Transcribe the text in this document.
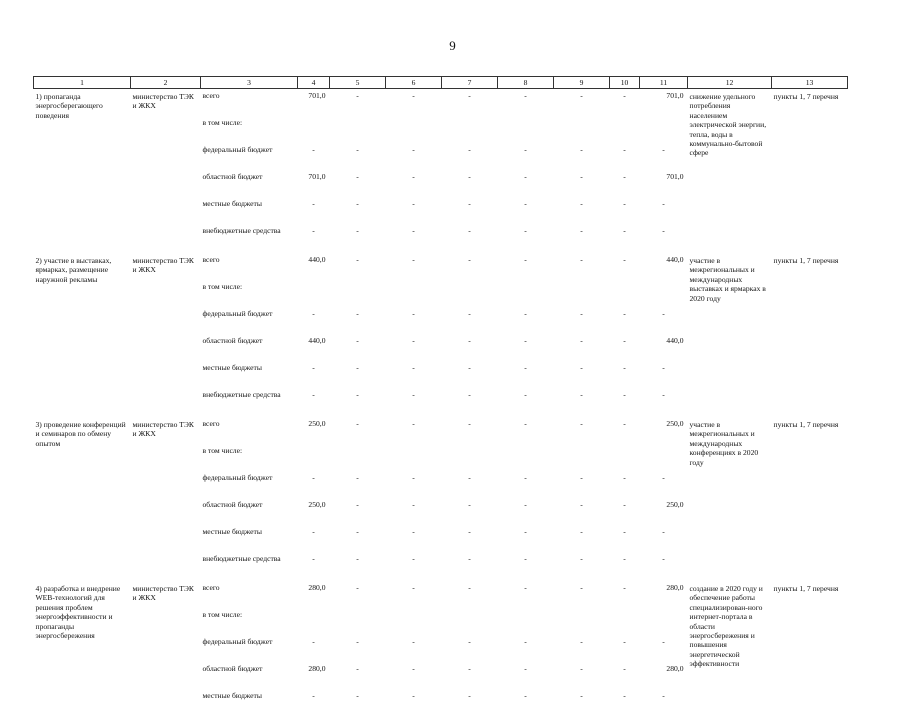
9
1	2	3	4	5	6	7	8	9	10	11	12	13
1) пропаганда энергосберегающего поведения	министерство ТЭК и ЖКХ	всего	701,0	-	-	-	-	-	-	701,0	снижение удельного потребления населением электрической энергии, тепла, воды в коммунально-бытовой сфере	пункты 1, 7 перечня
		в том числе:										
		федеральный бюджет	-	-	-	-	-	-	-	-		
		областной бюджет	701,0	-	-	-	-	-	-	701,0		
		местные бюджеты	-	-	-	-	-	-	-	-		
		внебюджетные средства	-	-	-	-	-	-	-	-		
2) участие в выставках, ярмарках, размещение наружной рекламы	министерство ТЭК и ЖКХ	всего	440,0	-	-	-	-	-	-	440,0	участие в межрегиональных и международных выставках и ярмарках в 2020 году	пункты 1, 7 перечня
		в том числе:										
		федеральный бюджет	-	-	-	-	-	-	-	-		
		областной бюджет	440,0	-	-	-	-	-	-	440,0		
		местные бюджеты	-	-	-	-	-	-	-	-		
		внебюджетные средства	-	-	-	-	-	-	-	-		
3) проведение конференций и семинаров по обмену опытом	министерство ТЭК и ЖКХ	всего	250,0	-	-	-	-	-	-	250,0	участие в межрегиональных и международных конференциях в 2020 году	пункты 1, 7 перечня
		в том числе:										
		федеральный бюджет	-	-	-	-	-	-	-	-		
		областной бюджет	250,0	-	-	-	-	-	-	250,0		
		местные бюджеты	-	-	-	-	-	-	-	-		
		внебюджетные средства	-	-	-	-	-	-	-	-		
4) разработка и внедрение WEB-технологий для решения проблем энергоэффективности и пропаганды энергосбережения	министерство ТЭК и ЖКХ	всего	280,0	-	-	-	-	-	-	280,0	создание в 2020 году и обеспечение работы специализирован-ного интернет-портала в области энергосбережения и повышения энергетической эффективности	пункты 1, 7 перечня
		в том числе:										
		федеральный бюджет	-	-	-	-	-	-	-	-		
		областной бюджет	280,0	-	-	-	-	-	-	280,0		
		местные бюджеты	-	-	-	-	-	-	-	-		
